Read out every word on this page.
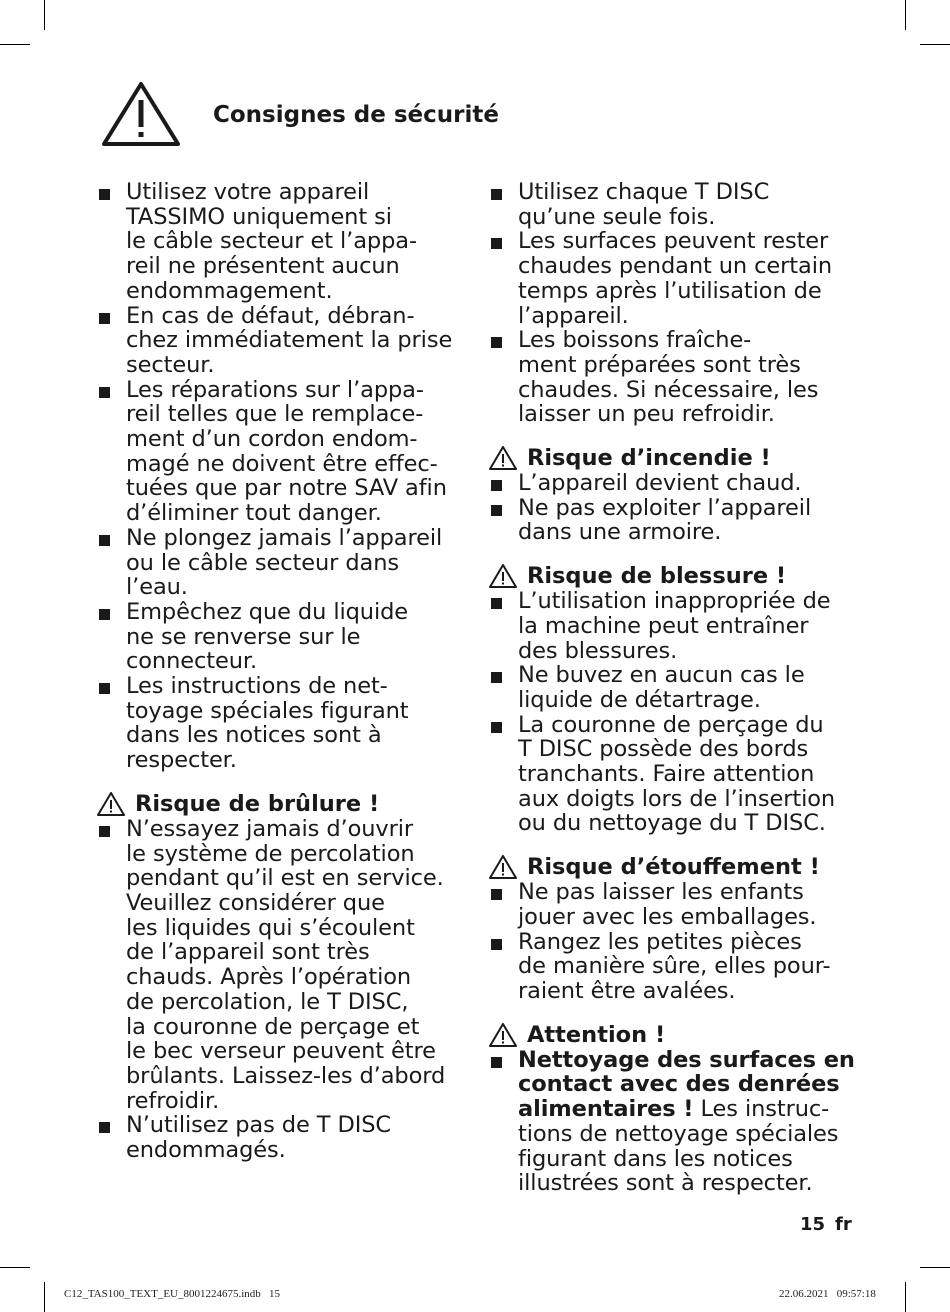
Consignes de sécurité
Utilisez votre appareil
TASSIMO uniquement si
le câble secteur et l’appa-
reil ne présentent aucun
endommagement.
En cas de défaut, débran-
chez immédiatement la prise
secteur.
Les réparations sur l’appa-
reil telles que le remplace-
ment d’un cordon endom-
magé ne doivent être effec-
tuées que par notre SAV afin
d’éliminer tout danger.
Ne plongez jamais l’appareil
ou le câble secteur dans
l’eau.
Empêchez que du liquide
ne se renverse sur le
connecteur.
Les instructions de net-
toyage spéciales figurant
dans les notices sont à
respecter.
Risque de brûlure !
N’essayez jamais d’ouvrir
le système de percolation
pendant qu’il est en service.
Veuillez considérer que
les liquides qui s’écoulent
de l’appareil sont très
chauds. Après l’opération
de percolation, le T DISC,
la couronne de perçage et
le bec verseur peuvent être
brûlants. Laissez-les d’abord
refroidir.
N’utilisez pas de T DISC
endommagés.
Utilisez chaque T DISC
qu’une seule fois.
Les surfaces peuvent rester
chaudes pendant un certain
temps après l’utilisation de
l’appareil.
Les boissons fraîche-
ment préparées sont très
chaudes. Si nécessaire, les
laisser un peu refroidir.
Risque d’incendie !
L’appareil devient chaud.
Ne pas exploiter l’appareil
dans une armoire.
Risque de blessure !
L’utilisation inappropriée de
la machine peut entraîner
des blessures.
Ne buvez en aucun cas le
liquide de détartrage.
La couronne de perçage du
T DISC possède des bords
tranchants. Faire attention
aux doigts lors de l’insertion
ou du nettoyage du T DISC.
Risque d’étouffement !
Ne pas laisser les enfants
jouer avec les emballages.
Rangez les petites pièces
de manière sûre, elles pour-
raient être avalées.
Attention !
Nettoyage des surfaces en
contact avec des denrées
alimentaires ! Les instruc-
tions de nettoyage spéciales
figurant dans les notices
illustrées sont à respecter.
15 fr
C12_TAS100_TEXT_EU_8001224675.indb   15	22.06.2021   09:57:18
